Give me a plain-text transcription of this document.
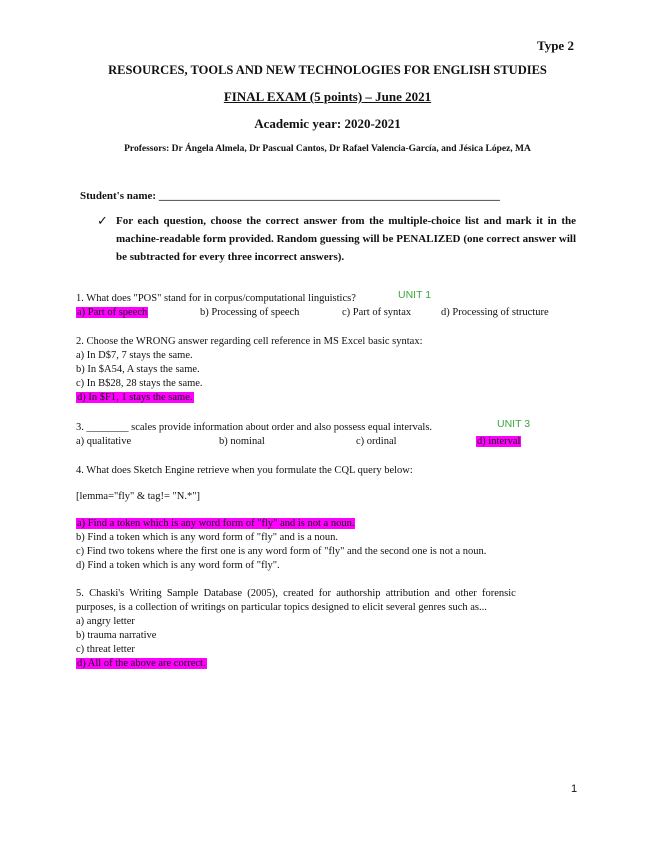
Type 2
RESOURCES, TOOLS AND NEW TECHNOLOGIES FOR ENGLISH STUDIES
FINAL EXAM (5 points) – June 2021
Academic year: 2020-2021
Professors: Dr Ángela Almela, Dr Pascual Cantos, Dr Rafael Valencia-García, and Jésica López, MA
Student's name: ______________________________________________________________
✓ For each question, choose the correct answer from the multiple-choice list and mark it in the machine-readable form provided. Random guessing will be PENALIZED (one correct answer will be subtracted for every three incorrect answers).
1. What does "POS" stand for in corpus/computational linguistics?	UNIT 1
a) Part of speech	b) Processing of speech	c) Part of syntax	d) Processing of structure
2. Choose the WRONG answer regarding cell reference in MS Excel basic syntax:
a) In D$7, 7 stays the same.
b) In $A54, A stays the same.
c) In B$28, 28 stays the same.
d) In $F1, 1 stays the same.
3. ________ scales provide information about order and also possess equal intervals.	UNIT 3
a) qualitative	b) nominal	c) ordinal	d) interval
4. What does Sketch Engine retrieve when you formulate the CQL query below:
[lemma="fly" & tag!= "N.*"]
a) Find a token which is any word form of "fly" and is not a noun.
b) Find a token which is any word form of "fly" and is a noun.
c) Find two tokens where the first one is any word form of "fly" and the second one is not a noun.
d) Find a token which is any word form of "fly".
5.  Chaski's  Writing  Sample  Database  (2005),  created  for  authorship  attribution  and  other  forensic
purposes, is a collection of writings on particular topics designed to elicit several genres such as...
a) angry letter
b) trauma narrative
c) threat letter
d) All of the above are correct.
1
